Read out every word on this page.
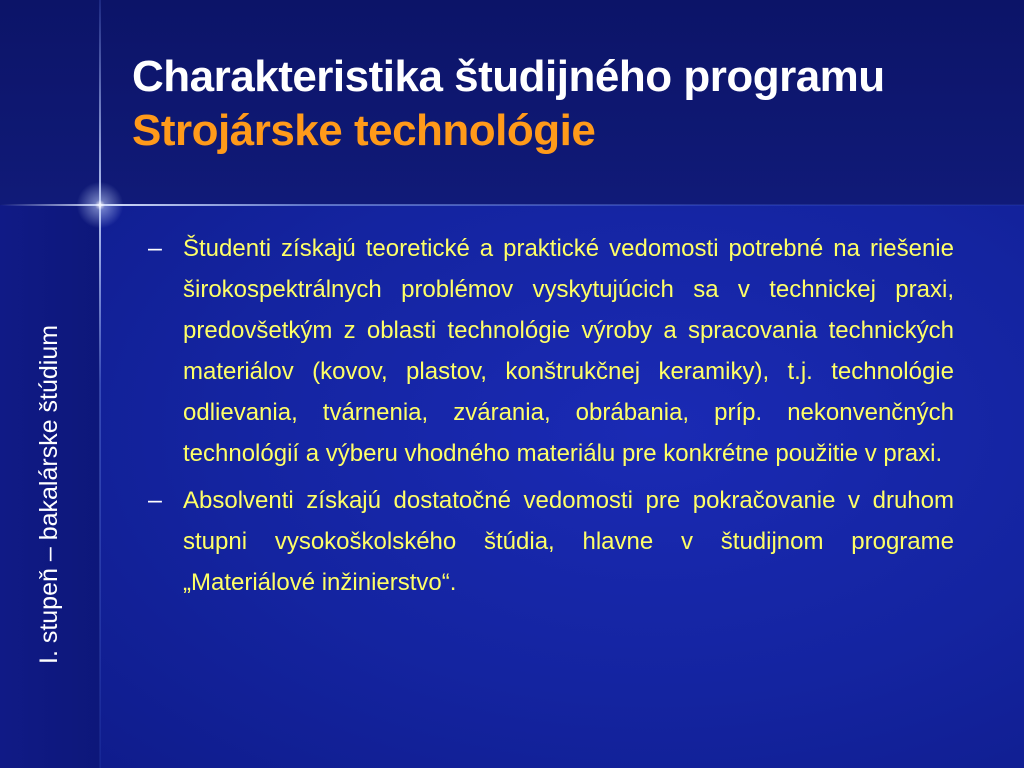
Charakteristika študijného programu
Strojárske technológie
I. stupeň – bakalárske štúdium
– Študenti získajú teoretické a praktické vedomosti potrebné na riešenie širokospektrálnych problémov vyskytujúcich sa v technickej praxi, predovšetkým z oblasti technológie výroby a spracovania technických materiálov (kovov, plastov, konštrukčnej keramiky), t.j. technológie odlievania, tvárnenia, zvárania, obrábania, príp. nekonvenčných technológií a výberu vhodného materiálu pre konkrétne použitie v praxi.
– Absolventi získajú dostatočné vedomosti pre pokračovanie v druhom stupni vysokoškolského štúdia, hlavne v študijnom programe „Materiálové inžinierstvo“.
